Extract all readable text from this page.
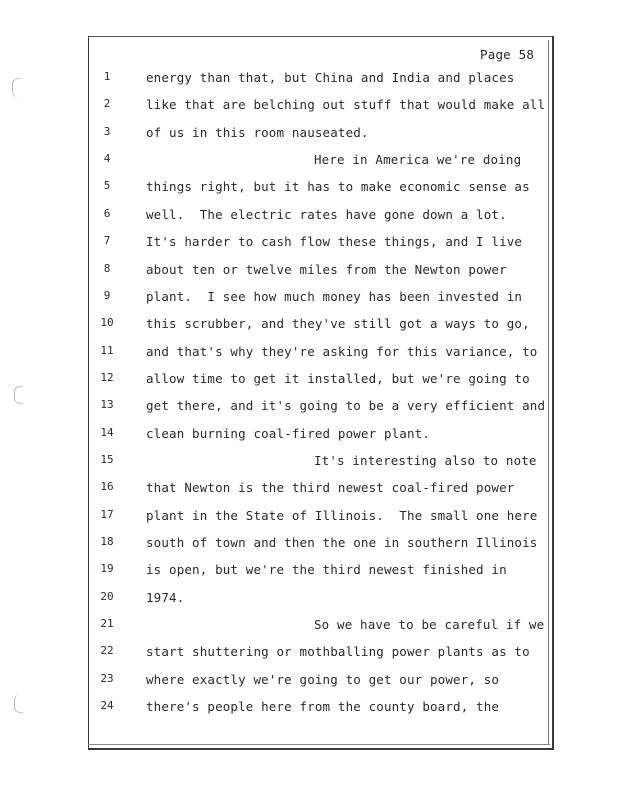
Page 58
1	energy than that, but China and India and places
2	like that are belching out stuff that would make all
3	of us in this room nauseated.
4	Here in America we're doing
5	things right, but it has to make economic sense as
6	well.  The electric rates have gone down a lot.
7	It's harder to cash flow these things, and I live
8	about ten or twelve miles from the Newton power
9	plant.  I see how much money has been invested in
10	this scrubber, and they've still got a ways to go,
11	and that's why they're asking for this variance, to
12	allow time to get it installed, but we're going to
13	get there, and it's going to be a very efficient and
14	clean burning coal-fired power plant.
15	It's interesting also to note
16	that Newton is the third newest coal-fired power
17	plant in the State of Illinois.  The small one here
18	south of town and then the one in southern Illinois
19	is open, but we're the third newest finished in
20	1974.
21	So we have to be careful if we
22	start shuttering or mothballing power plants as to
23	where exactly we're going to get our power, so
24	there's people here from the county board, the
